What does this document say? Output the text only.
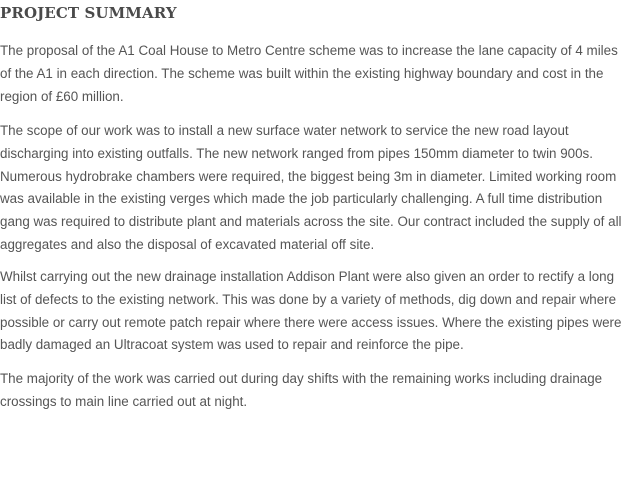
PROJECT SUMMARY

The proposal of the A1 Coal House to Metro Centre scheme was to increase the lane capacity of 4 miles of the A1 in each direction. The scheme was built within the existing highway boundary and cost in the region of £60 million.

The scope of our work was to install a new surface water network to service the new road layout discharging into existing outfalls. The new network ranged from pipes 150mm diameter to twin 900s. Numerous hydrobrake chambers were required, the biggest being 3m in diameter. Limited working room was available in the existing verges which made the job particularly challenging. A full time distribution gang was required to distribute plant and materials across the site. Our contract included the supply of all aggregates and also the disposal of excavated material off site.

Whilst carrying out the new drainage installation Addison Plant were also given an order to rectify a long list of defects to the existing network. This was done by a variety of methods, dig down and repair where possible or carry out remote patch repair where there were access issues. Where the existing pipes were badly damaged an Ultracoat system was used to repair and reinforce the pipe.

The majority of the work was carried out during day shifts with the remaining works including drainage crossings to main line carried out at night.
